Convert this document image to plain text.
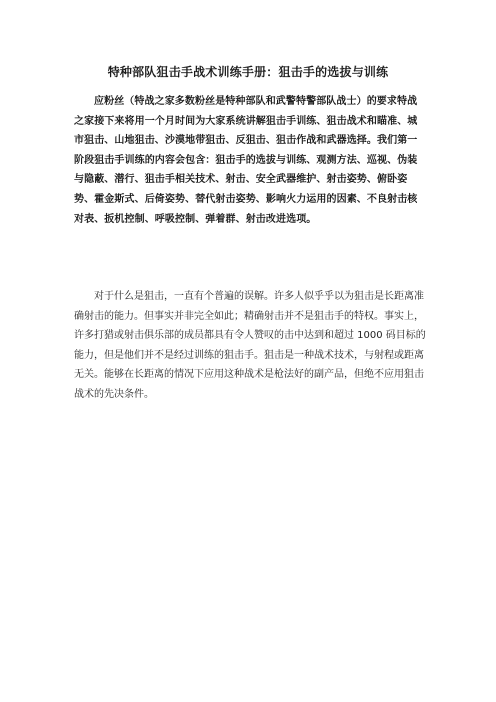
特种部队狙击手战术训练手册：狙击手的选拔与训练

应粉丝（特战之家多数粉丝是特种部队和武警特警部队战士）的要求特战之家接下来将用一个月时间为大家系统讲解狙击手训练、狙击战术和瞄准、城市狙击、山地狙击、沙漠地带狙击、反狙击、狙击作战和武器选择。我们第一阶段狙击手训练的内容会包含：狙击手的选拔与训练、观测方法、巡视、伪装与隐蔽、潜行、狙击手相关技术、射击、安全武器维护、射击姿势、俯卧姿势、霍金斯式、后倚姿势、替代射击姿势、影响火力运用的因素、不良射击核对表、扳机控制、呼吸控制、弹着群、射击改进选项。

对于什么是狙击，一直有个普遍的误解。许多人似乎乎以为狙击是长距离准确射击的能力。但事实并非完全如此；精确射击并不是狙击手的特权。事实上，许多打猎或射击俱乐部的成员都具有令人赞叹的击中达到和超过 1000 码目标的能力，但是他们并不是经过训练的狙击手。狙击是一种战术技术，与射程或距离无关。能够在长距离的情况下应用这种战术是枪法好的副产品，但绝不应用狙击战术的先决条件。
